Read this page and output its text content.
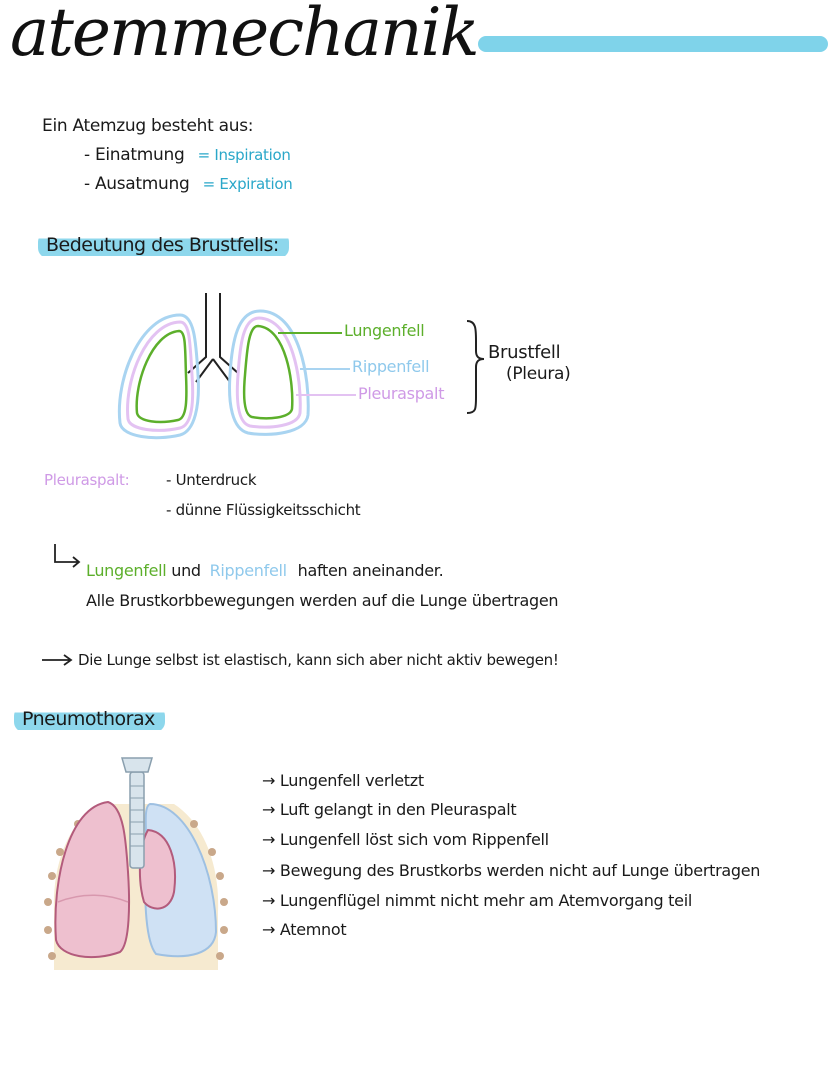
atemmechanik
Ein Atemzug besteht aus:
- Einatmung = Inspiration
- Ausatmung = Expiration
Bedeutung des Brustfells:
Lungenfell
Rippenfell
Pleuraspalt
Brustfell
(Pleura)
Pleuraspalt: - Unterdruck
- dünne Flüssigkeitsschicht
Lungenfell und Rippenfell haften aneinander.
Alle Brustkorbbewegungen werden auf die Lunge übertragen
Die Lunge selbst ist elastisch, kann sich aber nicht aktiv bewegen!
Pneumothorax
→ Lungenfell verletzt
→ Luft gelangt in den Pleuraspalt
→ Lungenfell löst sich vom Rippenfell
→ Bewegung des Brustkorbs werden nicht auf Lunge übertragen
→ Lungenflügel nimmt nicht mehr am Atemvorgang teil
→ Atemnot
